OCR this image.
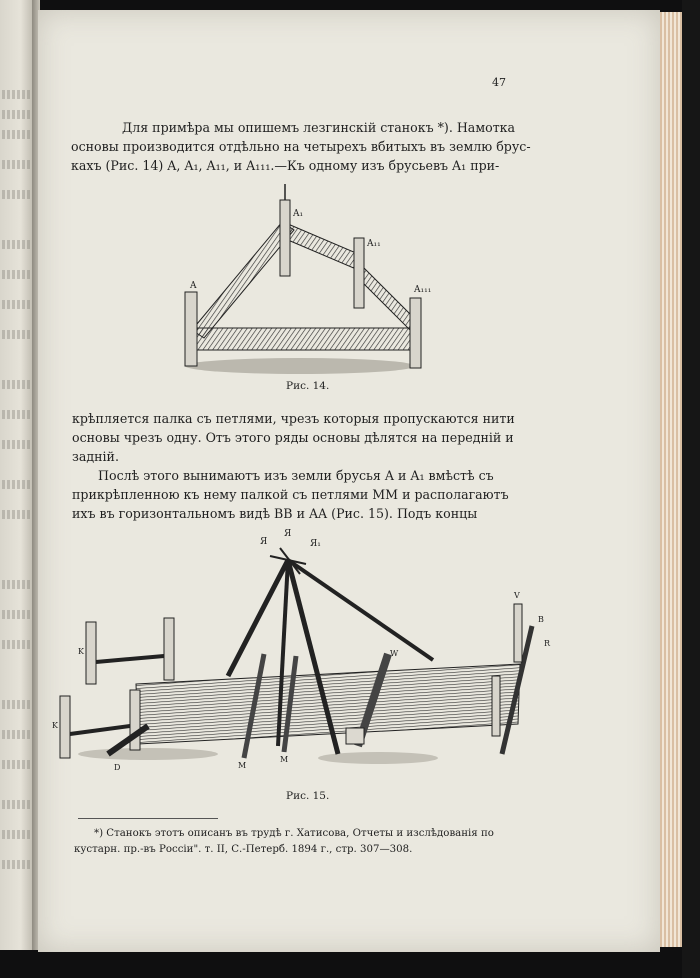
47
Для примѣра мы опишемъ лезгинскій станокъ *). Намотка
основы производится отдѣльно на четырехъ вбитыхъ въ землю брус-
кахъ (Рис. 14) A, A₁, A₁₁, и A₁₁₁.—Къ одному изъ брусьевъ A₁ при-
A
A₁
A₁₁
A₁₁₁
Рис. 14.
крѣпляется палка съ петлями, чрезъ которыя пропускаются нити
основы чрезъ одну. Отъ этого ряды основы дѣлятся на передній и
задній.
Послѣ этого вынимаютъ изъ земли брусья A и A₁ вмѣстѣ съ
прикрѣпленною къ нему палкой съ петлями MM и располагаютъ
ихъ въ горизонтальномъ видѣ BB и AA (Рис. 15). Подъ концы
Я
Я
Я₁
V
B
R
K
K
D
W
M
M
Рис. 15.
*) Станокъ этотъ описанъ въ трудѣ г. Хатисова, Отчеты и изслѣдованія по
кустарн. пр.-въ Россіи". т. II, С.-Петерб. 1894 г., стр. 307—308.
